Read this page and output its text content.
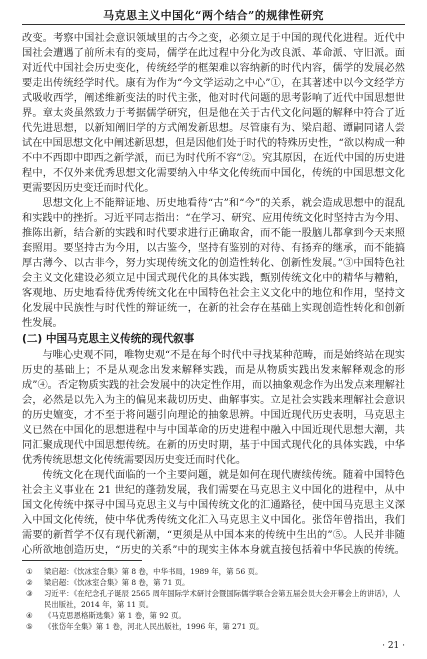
马克思主义中国化“两个结合”的规律性研究

改变。考察中国社会意识领域里的古今之变，必须立足于中国的现代化进程。近代中国社会遭遇了前所未有的变局，儒学在此过程中分化为改良派、革命派、守旧派。面对近代中国社会历史变化，传统经学的框架难以容纳新的时代内容，儒学的发展必然要走出传统经学时代。康有为作为“今文学运动之中心”①，在其著述中以今文经学方式吸收西学，阐述维新变法的时代主张，他对时代问题的思考影响了近代中国思想世界。章太炎虽然致力于考据儒学研究，但是他在关于古代文化问题的解释中符合了近代先进思想，以新知阐旧学的方式阐发新思想。尽管康有为、梁启超、谭嗣同诸人尝试在中国思想文化中阐述新思想，但是因他们处于时代的特殊历史性，“欲以构成一种不中不西即中即西之新学派，而已为时代所不容”②。究其原因，在近代中国的历史进程中，不仅外来优秀思想文化需要纳入中华文化传统而中国化，传统的中国思想文化更需要因历史变迁而时代化。

思想文化上不能辩证地、历史地看待“古”和“今”的关系，就会造成思想中的混乱和实践中的挫折。习近平同志指出：“在学习、研究、应用传统文化时坚持古为今用、推陈出新，结合新的实践和时代要求进行正确取舍，而不能一股脑儿都拿到今天来照套照用。要坚持古为今用，以古鉴今，坚持有鉴别的对待、有扬弃的继承，而不能搞厚古薄今、以古非今，努力实现传统文化的创造性转化、创新性发展。”③中国特色社会主义文化建设必须立足中国式现代化的具体实践，甄别传统文化中的精华与糟粕，客观地、历史地看待优秀传统文化在中国特色社会主义文化中的地位和作用，坚持文化发展中民族性与时代性的辩证统一，在新的社会存在基础上实现创造性转化和创新性发展。

(二) 中国马克思主义传统的现代叙事

与唯心史观不同，唯物史观“不是在每个时代中寻找某种范畴，而是始终站在现实历史的基础上；不是从观念出发来解释实践，而是从物质实践出发来解释观念的形成”④。否定物质实践的社会发展中的决定性作用，而以抽象观念作为出发点来理解社会，必然是以先入为主的偏见来裁切历史、曲解事实。立足社会实践来理解社会意识的历史嬗变，才不至于将问题引向理论的抽象思辨。中国近现代历史表明，马克思主义已然在中国化的思想进程中与中国革命的历史进程中融入中国近现代思想大潮，共同汇聚成现代中国思想传统。在新的历史时期，基于中国式现代化的具体实践，中华优秀传统思想文化传统需要因历史变迁而时代化。

传统文化在现代面临的一个主要问题，就是如何在现代赓续传统。随着中国特色社会主义事业在 21 世纪的蓬勃发展，我们需要在马克思主义中国化的进程中，从中国文化传统中探寻中国马克思主义与中国传统文化的汇通路径，使中国马克思主义深入中国文化传统，使中华优秀传统文化汇入马克思主义中国化。张岱年曾指出，我们需要的新哲学不仅有现代新潮，“更须是从中国本来的传统中生出的”⑤。人民并非随心所欲地创造历史，“历史的关系”中的现实主体本身就直接包括着中华民族的传统。

①	梁启超：《饮冰室合集》第 8 卷，中华书局，1989 年，第 56 页。
②	梁启超：《饮冰室合集》第 8 卷，第 71 页。
③	习近平：《在纪念孔子诞辰 2565 周年国际学术研讨会暨国际儒学联合会第五届会员大会开幕会上的讲话》，人民出版社，2014 年，第 11 页。
④	《马克思恩格斯选集》第 1 卷，第 92 页。
⑤	《张岱年全集》第 1 卷，河北人民出版社，1996 年，第 271 页。
· 21 ·
